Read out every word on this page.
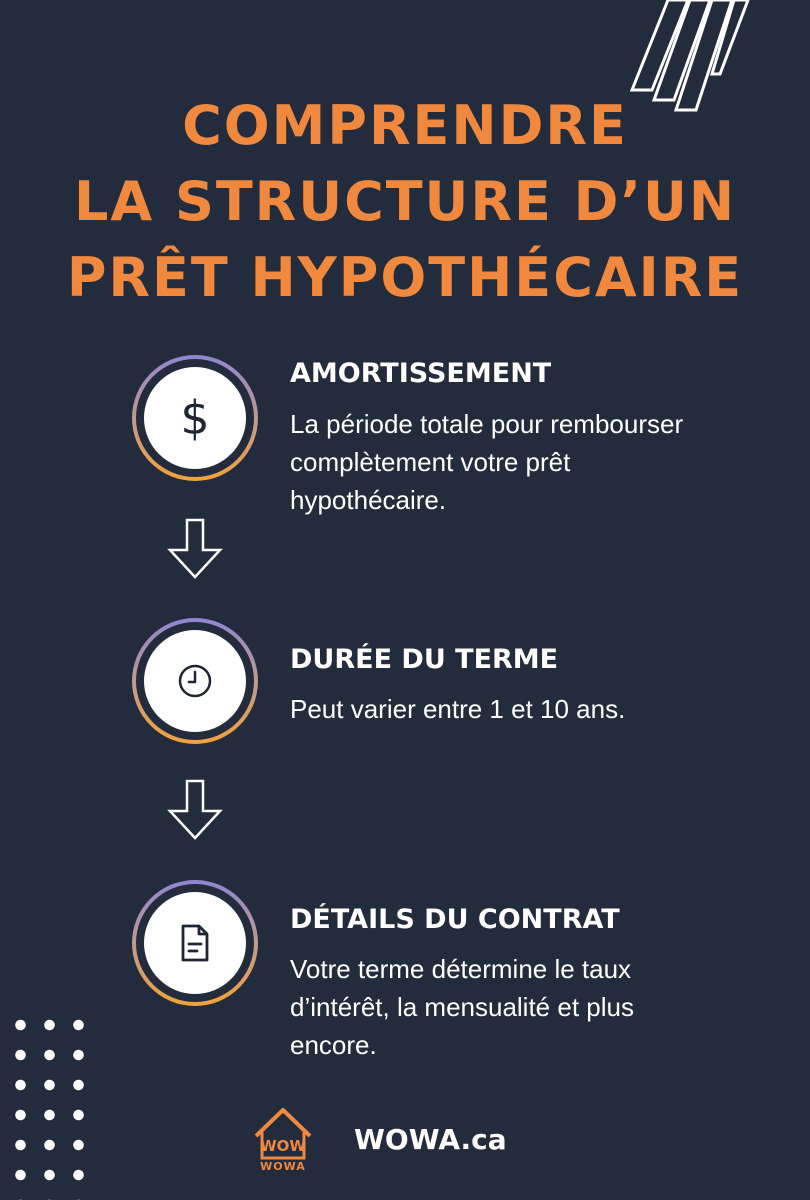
COMPRENDRE
LA STRUCTURE D’UN
PRÊT HYPOTHÉCAIRE
$
AMORTISSEMENT

La période totale pour rembourser complètement votre prêt hypothécaire.

DURÉE DU TERME

Peut varier entre 1 et 10 ans.

DÉTAILS DU CONTRAT

Votre terme détermine le taux d’intérêt, la mensualité et plus encore.

WOW
WOWA
WOWA.ca
